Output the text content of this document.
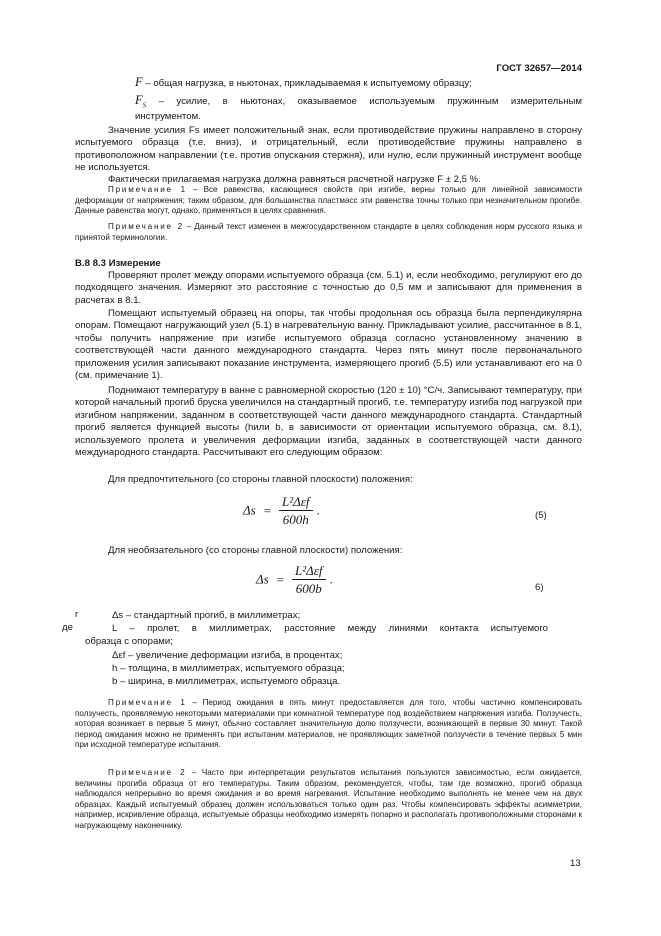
ГОСТ 32657—2014
F – общая нагрузка, в ньютонах, прикладываемая к испытуемому образцу;
$F_S$ – усилие, в ньютонах, оказываемое используемым пружинным измерительным
инструментом.
Значение усилия Fs имеет положительный знак, если противодействие пружины направлено в сторону испытуемого образца (т.е. вниз), и отрицательный, если противодействие пружины направлено в противоположном направлении (т.е. против опускания стержня), или нулю, если пружинный инструмент вообще не используется.
Фактически прилагаемая нагрузка должна равняться расчетной нагрузке F ± 2,5 %.
Примечание 1 – Все равенства, касающиеся свойств при изгибе, верны только для линейной зависимости деформации от напряжения; таким образом, для большинства пластмасс эти равенства точны только при незначительном прогибе. Данные равенства могут, однако, применяться в целях сравнения.
Примечание 2 – Данный текст изменен в межгосударственном стандарте в целях соблюдения норм русского языка и принятой терминологии.
В.8 8.3 Измерение
Проверяют пролет между опорами испытуемого образца (см. 5.1) и, если необходимо, регулируют его до подходящего значения. Измеряют это расстояние с точностью до 0,5 мм и записывают для применения в расчетах в 8.1.
Помещают испытуемый образец на опоры, так чтобы продольная ось образца была перпендикулярна опорам. Помещают нагружающий узел (5.1) в нагревательную ванну. Прикладывают усилие, рассчитанное в 8.1, чтобы получить напряжение при изгибе испытуемого образца согласно установленному значению в соответствующей части данного международного стандарта. Через пять минут после первоначального приложения усилия записывают показание инструмента, измеряющего прогиб (5.5) или устанавливают его на 0 (см. примечание 1).
Поднимают температуру в ванне с равномерной скоростью (120 ± 10) °С/ч. Записывают температуру, при которой начальный прогиб бруска увеличился на стандартный прогиб, т.е. температуру изгиба под нагрузкой при изгибном напряжении, заданном в соответствующей части данного международного стандарта. Стандартный прогиб является функцией высоты (hили b, в зависимости от ориентации испытуемого образца, см. 8.1), используемого пролета и увеличения деформации изгиба, заданных в соответствующей части данного международного стандарта. Рассчитывают его следующим образом:
Для предпочтительного (со стороны главной плоскости) положения:
$\Delta s = \frac{\text{L²Δεf}}{600h}$ .	(5)
Для необязательного (со стороны главной плоскости) положения:
$\Delta s = \frac{\text{L²Δεf}}{600b}$ .
6)
г
де
Δs – стандартный прогиб, в миллиметрах;
L – пролет, в миллиметрах, расстояние между линиями контакта испытуемого
образца с опорами;
Δεf – увеличение деформации изгиба, в процентах;
h – толщина, в миллиметрах, испытуемого образца;
b – ширина, в миллиметрах, испытуемого образца.
Примечание 1 – Период ожидания в пять минут предоставляется для того, чтобы частично компенсировать ползучесть, проявляемую некоторыми материалами при комнатной температуре под воздействием напряжения изгиба. Ползучесть, которая возникает в первые 5 минут, обычно составляет значительную долю ползучести, возникающей в первые 30 минут. Такой период ожидания можно не применять при испытании материалов, не проявляющих заметной ползучести в течение первых 5 мин при исходной температуре испытания.
Примечание 2 – Часто при интерпретации результатов испытания пользуются зависимостью, если ожидается, величины прогиба образца от его температуры. Таким образом, рекомендуется, чтобы, там где возможно, прогиб образца наблюдался непрерывно во время ожидания и во время нагревания. Испытание необходимо выполнять не менее чем на двух образцах. Каждый испытуемый образец должен использоваться только один раз. Чтобы компенсировать эффекты асимметрии, например, искривление образца, испытуемые образцы необходимо измерять попарно и располагать противоположными сторонами к нагружающему наконечнику.
13
